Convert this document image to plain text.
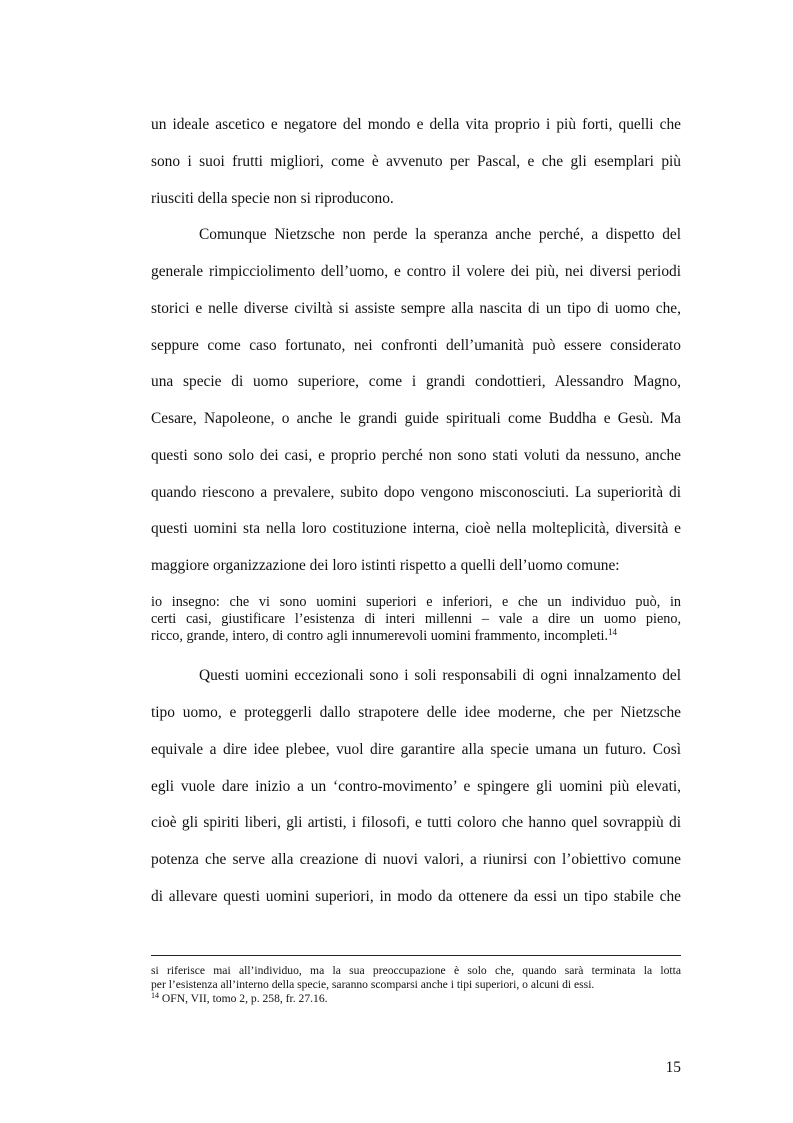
un ideale ascetico e negatore del mondo e della vita proprio i più forti, quelli che
sono i suoi frutti migliori, come è avvenuto per Pascal, e che gli esemplari più
riusciti della specie non si riproducono.
Comunque Nietzsche non perde la speranza anche perché, a dispetto del
generale rimpicciolimento dell’uomo, e contro il volere dei più, nei diversi periodi
storici e nelle diverse civiltà si assiste sempre alla nascita di un tipo di uomo che,
seppure come caso fortunato, nei confronti dell’umanità può essere considerato
una specie di uomo superiore, come i grandi condottieri, Alessandro Magno,
Cesare, Napoleone, o anche le grandi guide spirituali come Buddha e Gesù. Ma
questi sono solo dei casi, e proprio perché non sono stati voluti da nessuno, anche
quando riescono a prevalere, subito dopo vengono misconosciuti. La superiorità di
questi uomini sta nella loro costituzione interna, cioè nella molteplicità, diversità e
maggiore organizzazione dei loro istinti rispetto a quelli dell’uomo comune:
io insegno: che vi sono uomini superiori e inferiori, e che un individuo può, in
certi casi, giustificare l’esistenza di interi millenni – vale a dire un uomo pieno,
ricco, grande, intero, di contro agli innumerevoli uomini frammento, incompleti.$^{14}$
Questi uomini eccezionali sono i soli responsabili di ogni innalzamento del
tipo uomo, e proteggerli dallo strapotere delle idee moderne, che per Nietzsche
equivale a dire idee plebee, vuol dire garantire alla specie umana un futuro. Così
egli vuole dare inizio a un ‘contro-movimento’ e spingere gli uomini più elevati,
cioè gli spiriti liberi, gli artisti, i filosofi, e tutti coloro che hanno quel sovrappiù di
potenza che serve alla creazione di nuovi valori, a riunirsi con l’obiettivo comune
di allevare questi uomini superiori, in modo da ottenere da essi un tipo stabile che
si riferisce mai all’individuo, ma la sua preoccupazione è solo che, quando sarà terminata la lotta
per l’esistenza all’interno della specie, saranno scomparsi anche i tipi superiori, o alcuni di essi.
$^{14}$ OFN, VII, tomo 2, p. 258, fr. 27.16.
15
